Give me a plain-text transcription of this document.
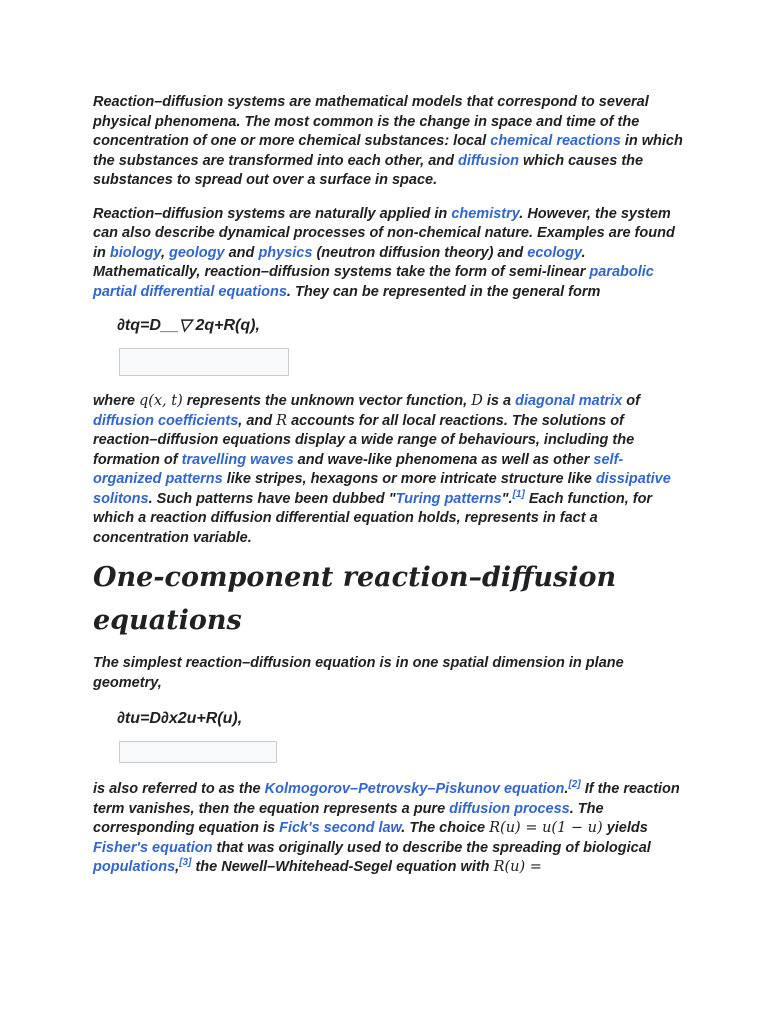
Reaction–diffusion systems are mathematical models that correspond to several physical phenomena. The most common is the change in space and time of the concentration of one or more chemical substances: local chemical reactions in which the substances are transformed into each other, and diffusion which causes the substances to spread out over a surface in space.

Reaction–diffusion systems are naturally applied in chemistry. However, the system can also describe dynamical processes of non-chemical nature. Examples are found in biology, geology and physics (neutron diffusion theory) and ecology. Mathematically, reaction–diffusion systems take the form of semi-linear parabolic partial differential equations. They can be represented in the general form

∂tq=D__▽ 2q+R(q),

where q(x, t) represents the unknown vector function, D is a diagonal matrix of diffusion coefficients, and R accounts for all local reactions. The solutions of reaction–diffusion equations display a wide range of behaviours, including the formation of travelling waves and wave-like phenomena as well as other self-organized patterns like stripes, hexagons or more intricate structure like dissipative solitons. Such patterns have been dubbed "Turing patterns".[1] Each function, for which a reaction diffusion differential equation holds, represents in fact a concentration variable.

One-component reaction–diffusion equations

The simplest reaction–diffusion equation is in one spatial dimension in plane geometry,

∂tu=D∂x2u+R(u),

is also referred to as the Kolmogorov–Petrovsky–Piskunov equation.[2] If the reaction term vanishes, then the equation represents a pure diffusion process. The corresponding equation is Fick's second law. The choice R(u) = u(1 − u) yields Fisher's equation that was originally used to describe the spreading of biological populations,[3] the Newell–Whitehead-Segel equation with R(u) =
